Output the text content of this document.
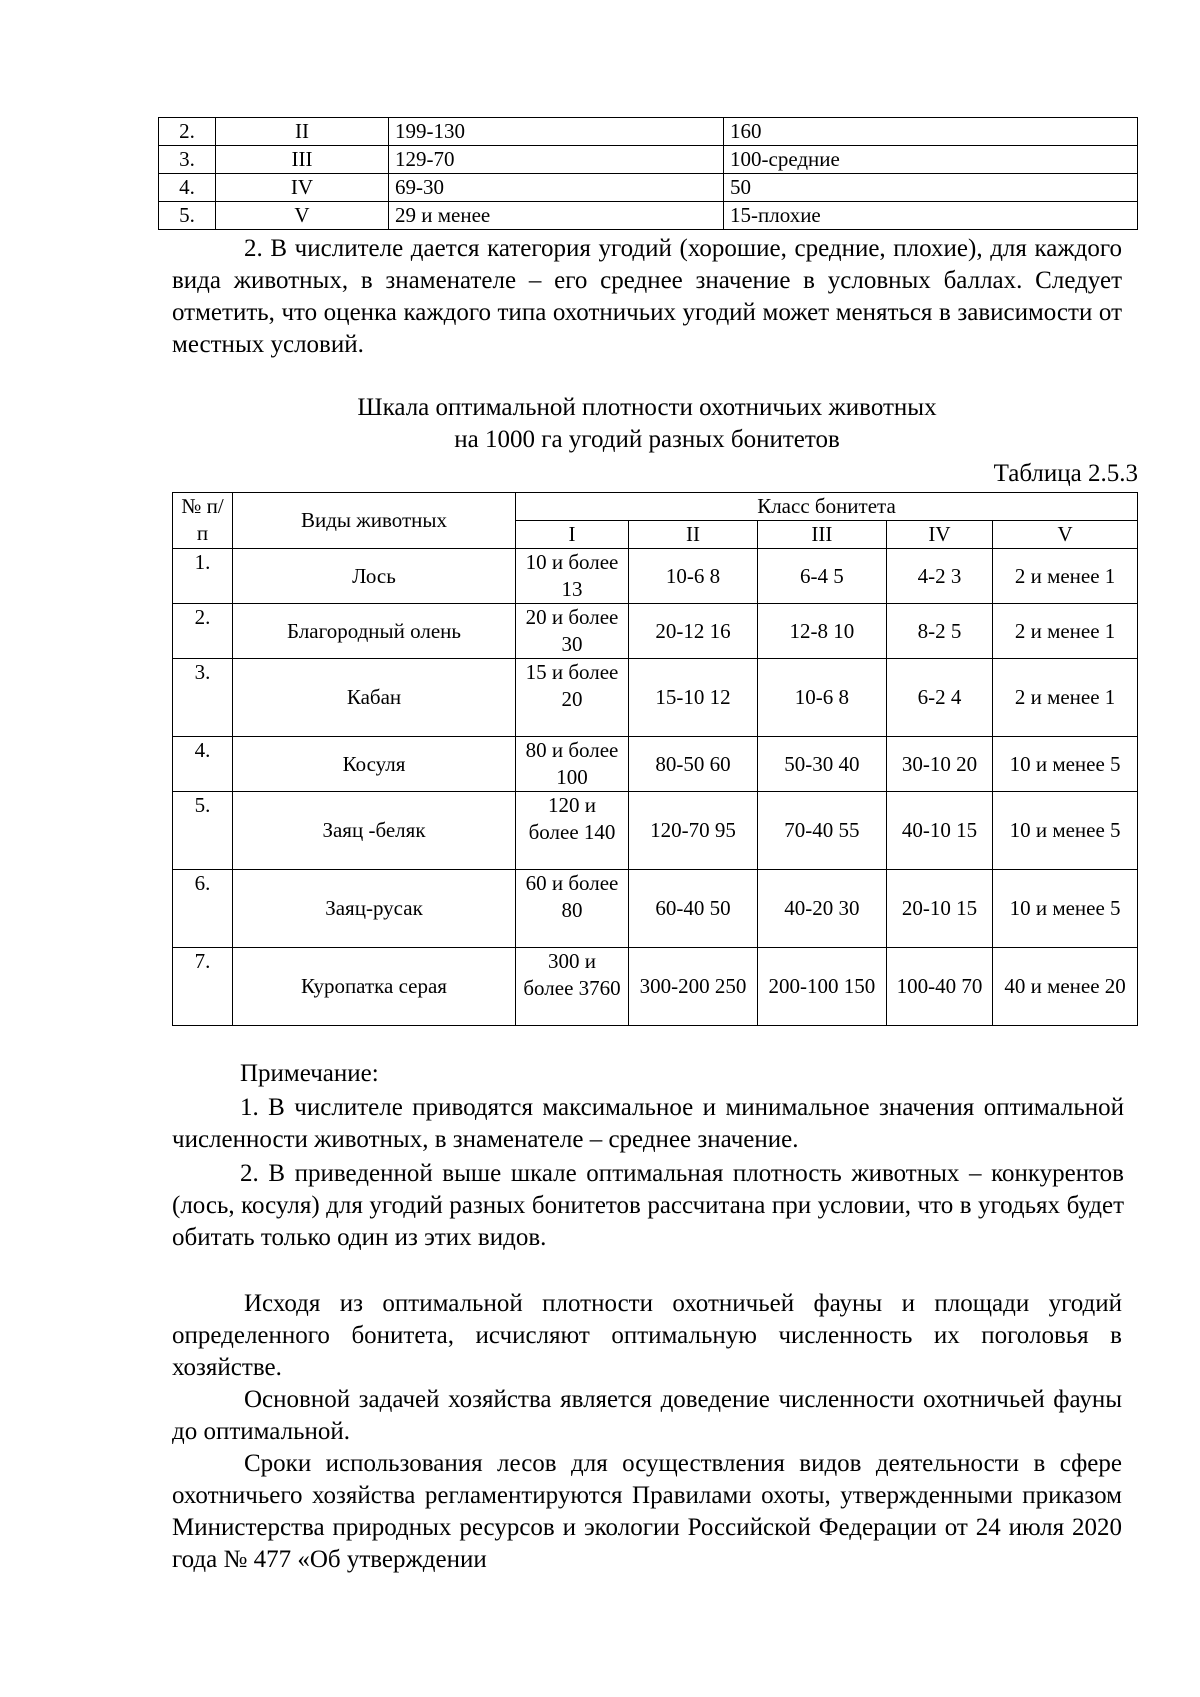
2.	II	199-130	160
3.	III	129-70	100-средние
4.	IV	69-30	50
5.	V	29 и менее	15-плохие

2. В числителе дается категория угодий (хорошие, средние, плохие), для каждого вида животных, в знаменателе – его среднее значение в условных баллах. Следует отметить, что оценка каждого типа охотничьих угодий может меняться в зависимости от местных условий.

Шкала оптимальной плотности охотничьих животных
на 1000 га угодий разных бонитетов
Таблица 2.5.3
№ п/п	Виды животных	Класс бонитета				
		I	II	III	IV	V
1.	Лось	10 и более 13	10-6 8	6-4 5	4-2 3	2 и менее 1
2.	Благородный олень	20 и более 30	20-12 16	12-8 10	8-2 5	2 и менее 1
3.	Кабан	15 и более 20	15-10 12	10-6 8	6-2 4	2 и менее 1
4.	Косуля	80 и более 100	80-50 60	50-30 40	30-10 20	10 и менее 5
5.	Заяц -беляк	120 и более 140	120-70 95	70-40 55	40-10 15	10 и менее 5
6.	Заяц-русак	60 и более 80	60-40 50	40-20 30	20-10 15	10 и менее 5
7.	Куропатка серая	300 и более 3760	300-200 250	200-100 150	100-40 70	40 и менее 20
Примечание:

1. В числителе приводятся максимальное и минимальное значения оптимальной численности животных, в знаменателе – среднее значение.

2. В приведенной выше шкале оптимальная плотность животных – конкурентов (лось, косуля) для угодий разных бонитетов рассчитана при условии, что в угодьях будет обитать только один из этих видов.

Исходя из оптимальной плотности охотничьей фауны и площади угодий определенного бонитета, исчисляют оптимальную численность их поголовья в хозяйстве.

Основной задачей хозяйства является доведение численности охотничьей фауны до оптимальной.

Сроки использования лесов для осуществления видов деятельности в сфере охотничьего хозяйства регламентируются Правилами охоты, утвержденными приказом Министерства природных ресурсов и экологии Российской Федерации от 24 июля 2020 года № 477 «Об утверждении
